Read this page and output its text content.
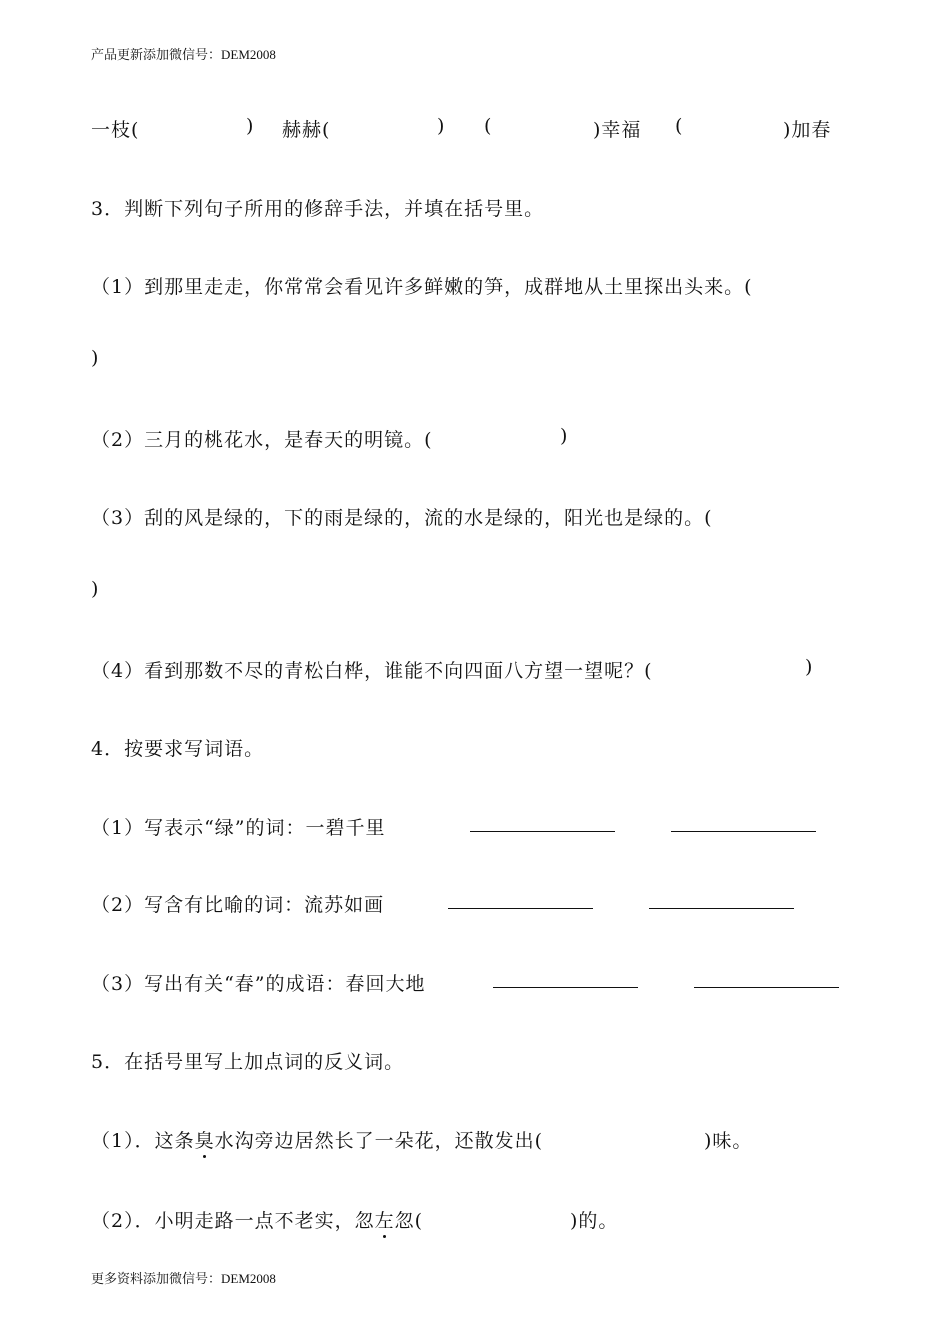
产品更新添加微信号：DEM2008
一枝(	) 赫赫(	) (	)幸福 (	)加春
3．判断下列句子所用的修辞手法，并填在括号里。
（1）到那里走走，你常常会看见许多鲜嫩的笋，成群地从土里探出头来。(
)
（2）三月的桃花水，是春天的明镜。(	)
（3）刮的风是绿的，下的雨是绿的，流的水是绿的，阳光也是绿的。(
)
（4）看到那数不尽的青松白桦，谁能不向四面八方望一望呢？(	)
4．按要求写词语。
（1）写表示“绿”的词：一碧千里
（2）写含有比喻的词：流苏如画
（3）写出有关“春”的成语：春回大地
5．在括号里写上加点词的反义词。
（1）．这条臭水沟旁边居然长了一朵花，还散发出(	)味。
（2）．小明走路一点不老实，忽左忽(	)的。
更多资料添加微信号：DEM2008
